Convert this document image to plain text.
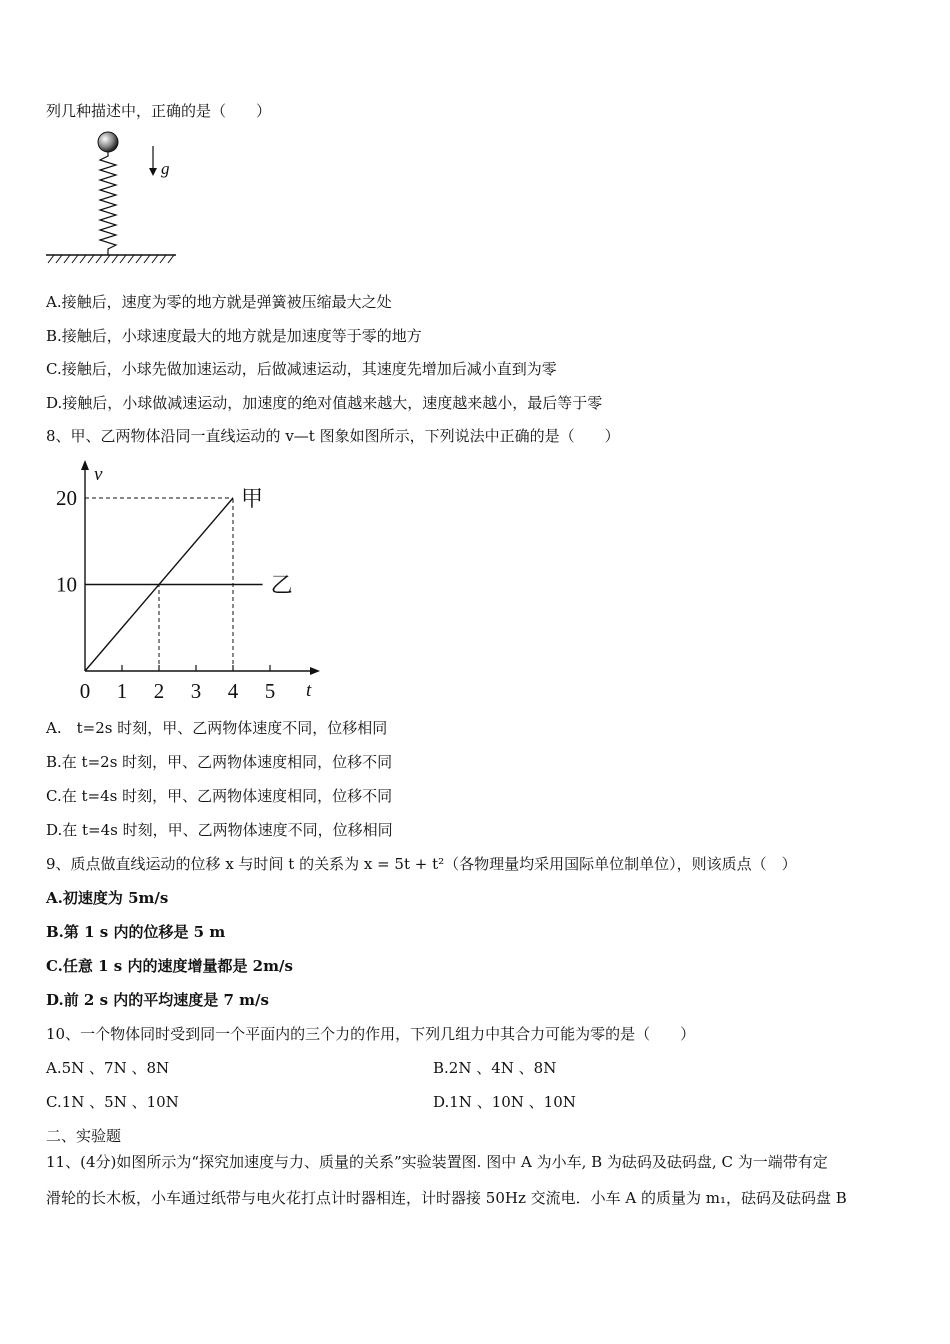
列几种描述中，正确的是（　　）
g
A.接触后，速度为零的地方就是弹簧被压缩最大之处
B.接触后，小球速度最大的地方就是加速度等于零的地方
C.接触后，小球先做加速运动，后做减速运动，其速度先增加后减小直到为零
D.接触后，小球做减速运动，加速度的绝对值越来越大，速度越来越小，最后等于零
8、甲、乙两物体沿同一直线运动的 v—t 图象如图所示，下列说法中正确的是（　　）
v
t
0 1 2 3 4 5
20
10
甲
乙
A.　t=2s 时刻，甲、乙两物体速度不同，位移相同
B.在 t=2s 时刻，甲、乙两物体速度相同，位移不同
C.在 t=4s 时刻，甲、乙两物体速度相同，位移不同
D.在 t=4s 时刻，甲、乙两物体速度不同，位移相同
9、质点做直线运动的位移 x 与时间 t 的关系为 x = 5t + t²（各物理量均采用国际单位制单位），则该质点（　）
A.初速度为 5m/s
B.第 1 s 内的位移是 5 m
C.任意 1 s 内的速度增量都是 2m/s
D.前 2 s 内的平均速度是 7 m/s
10、一个物体同时受到同一个平面内的三个力的作用，下列几组力中其合力可能为零的是（　　）
A.5N 、7N 、8N	B.2N 、4N 、8N
C.1N 、5N 、10N	D.1N 、10N 、10N
二、实验题
11、(4分)如图所示为“探究加速度与力、质量的关系”实验装置图. 图中 A 为小车, B 为砝码及砝码盘, C 为一端带有定
滑轮的长木板，小车通过纸带与电火花打点计时器相连，计时器接 50Hz 交流电．小车 A 的质量为 m₁，砝码及砝码盘 B
